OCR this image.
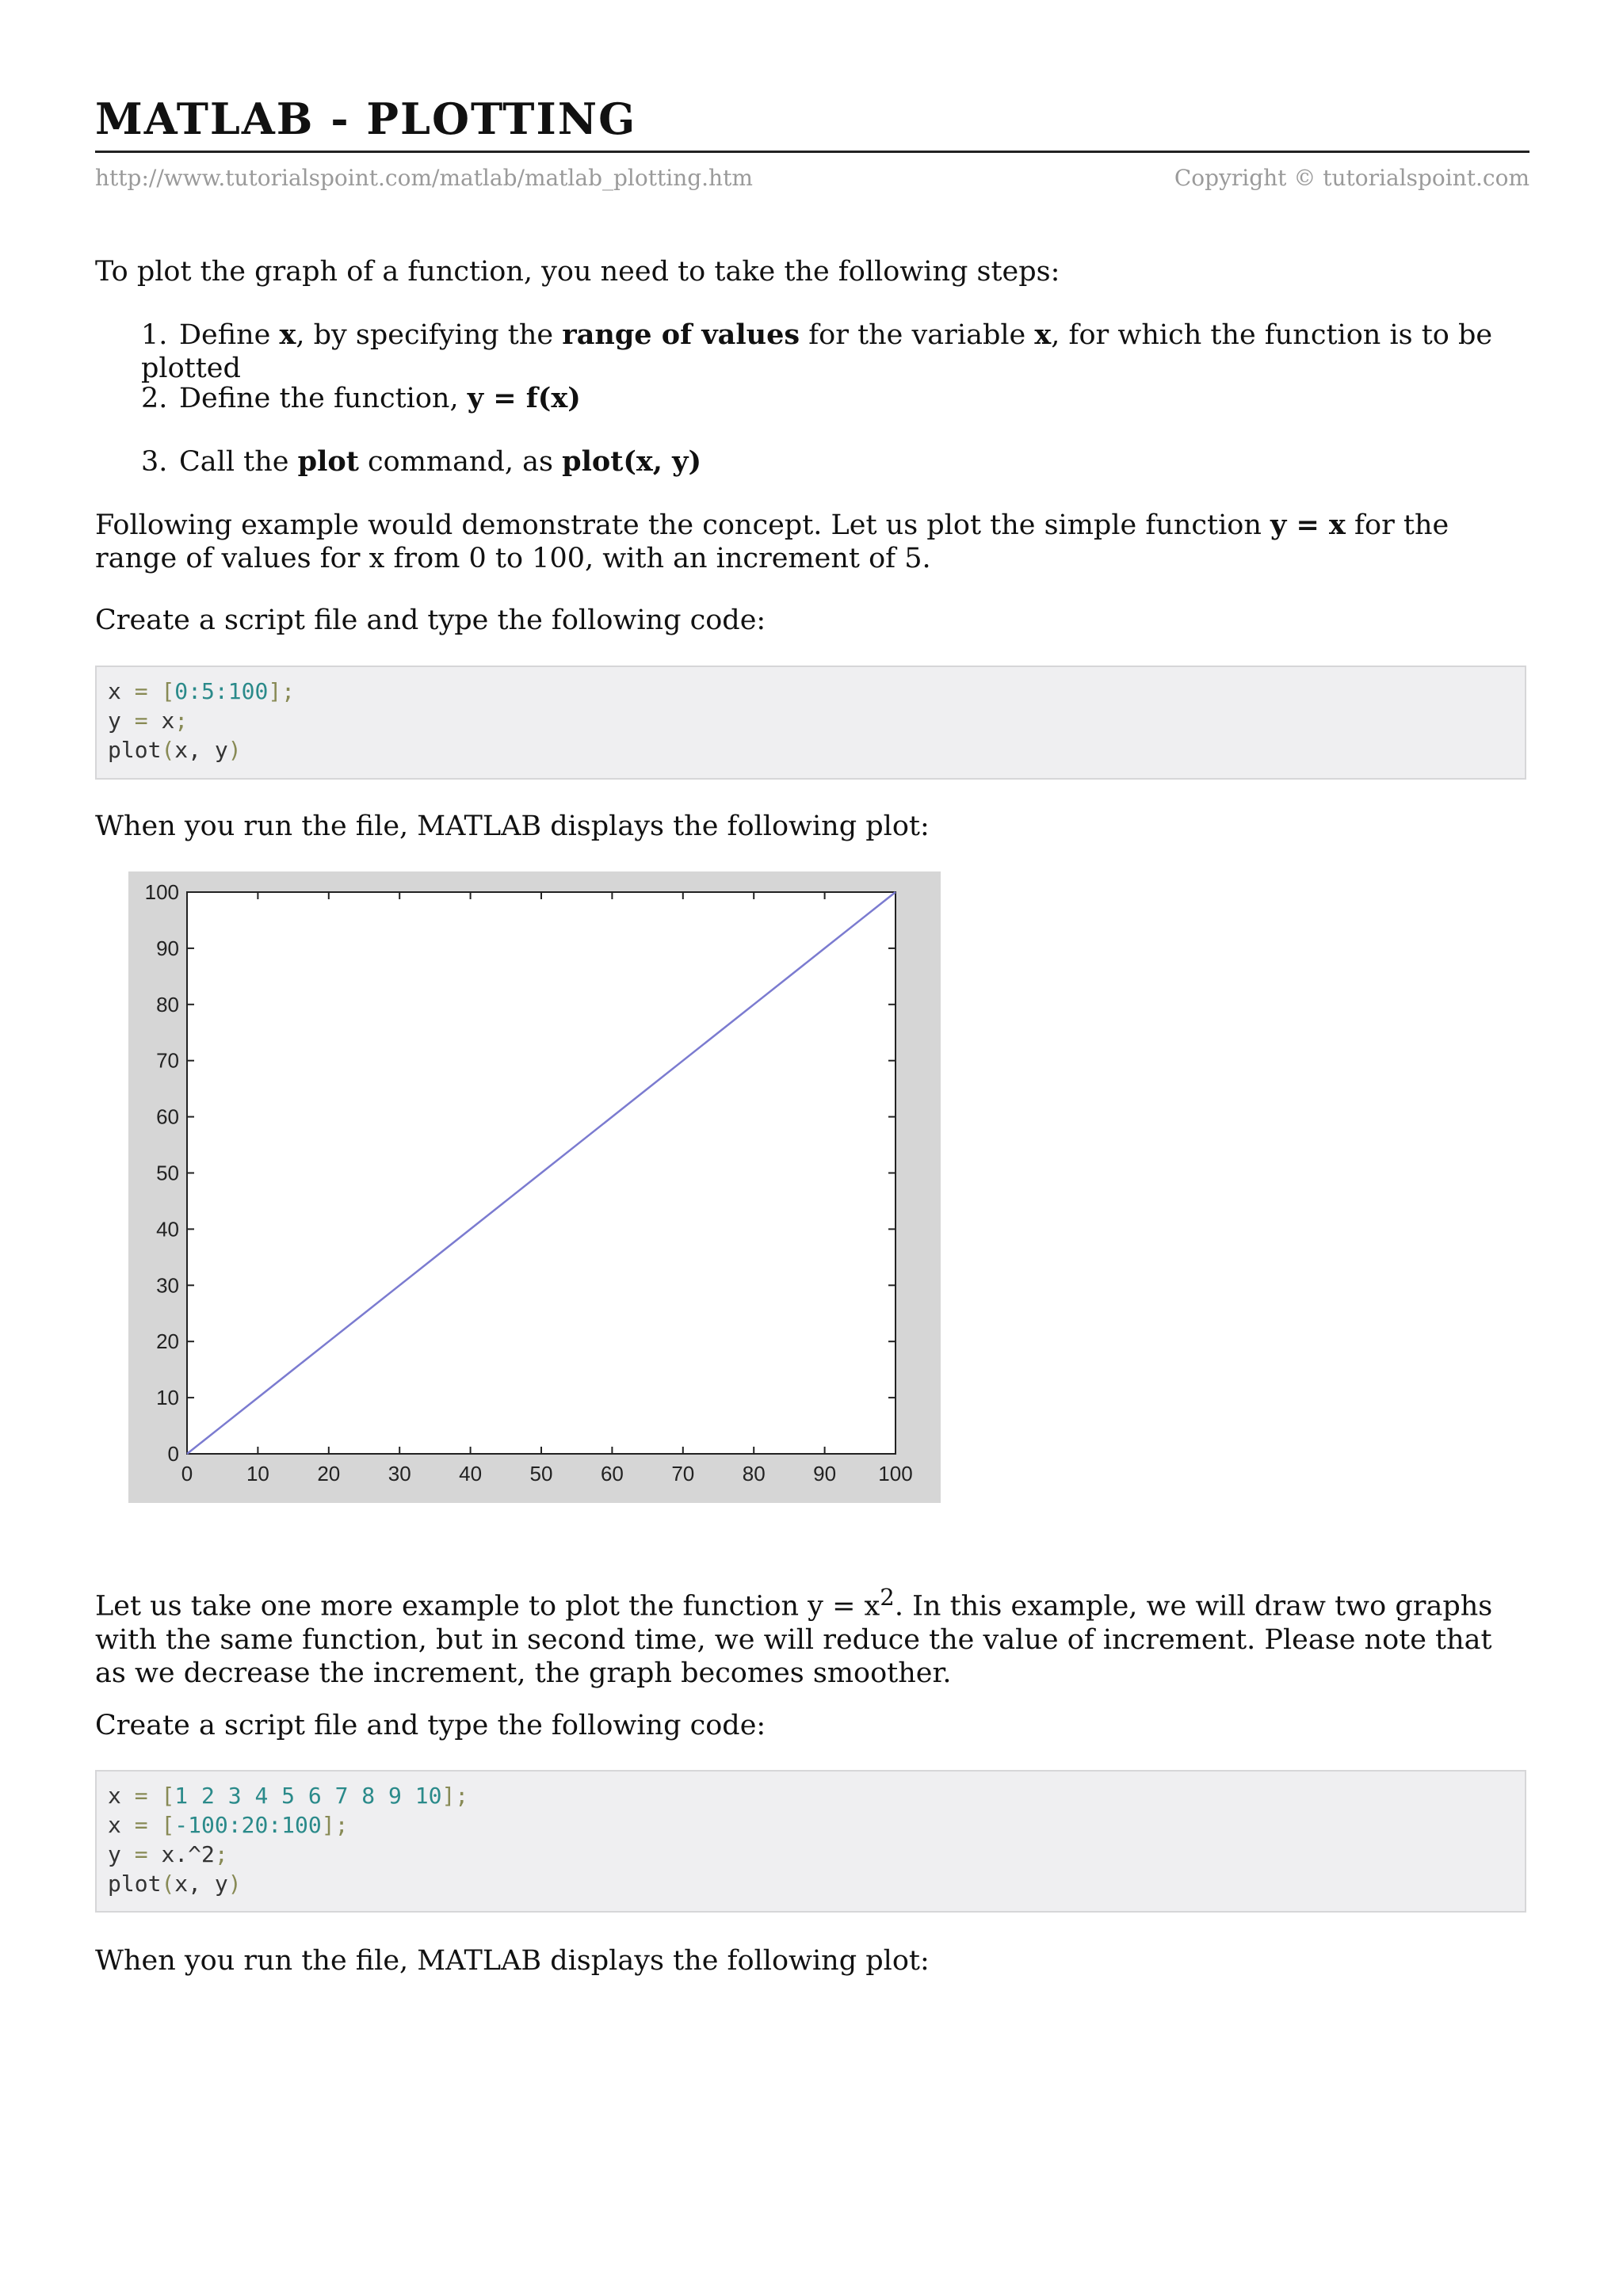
MATLAB - PLOTTING
http://www.tutorialspoint.com/matlab/matlab_plotting.htm	Copyright © tutorialspoint.com
To plot the graph of a function, you need to take the following steps:
1. Define x, by specifying the range of values for the variable x, for which the function is to be plotted
2. Define the function, y = f(x)
3. Call the plot command, as plot(x, y)
Following example would demonstrate the concept. Let us plot the simple function y = x for the range of values for x from 0 to 100, with an increment of 5.
Create a script file and type the following code:
x = [0:5:100];
y = x;
plot(x, y)
When you run the file, MATLAB displays the following plot:
0	10 20 30 40 50 60 70 80 90 100
0
10
20
30
40
50
60
70
80
90
100
Let us take one more example to plot the function $y = x^2$. In this example, we will draw two graphs with the same function, but in second time, we will reduce the value of increment. Please note that as we decrease the increment, the graph becomes smoother.
Create a script file and type the following code:
x = [1 2 3 4 5 6 7 8 9 10];
x = [-100:20:100];
y = x.^2;
plot(x, y)
When you run the file, MATLAB displays the following plot:
